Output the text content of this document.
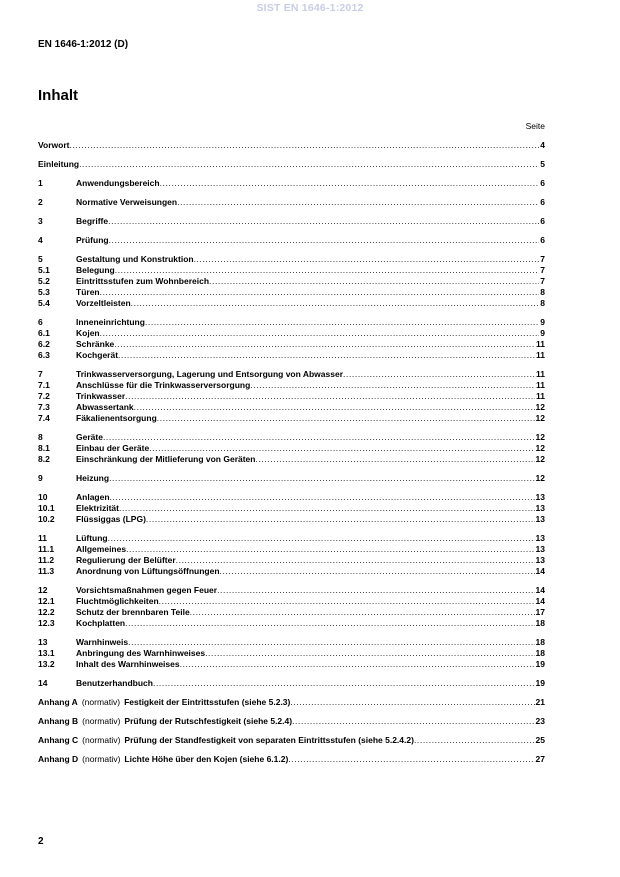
SIST EN 1646-1:2012
EN 1646-1:2012 (D)
Inhalt
Seite
Vorwort .....	4
Einleitung .....	5
1	Anwendungsbereich .....	6
2	Normative Verweisungen .....	6
3	Begriffe .....	6
4	Prüfung .....	6
5	Gestaltung und Konstruktion .....	7
5.1	Belegung .....	7
5.2	Eintrittsstufen zum Wohnbereich .....	7
5.3	Türen .....	8
5.4	Vorzeltleisten .....	8
6	Inneneinrichtung .....	9
6.1	Kojen .....	9
6.2	Schränke .....	11
6.3	Kochgerät .....	11
7	Trinkwasserversorgung, Lagerung und Entsorgung von Abwasser .....	11
7.1	Anschlüsse für die Trinkwasserversorgung .....	11
7.2	Trinkwasser .....	11
7.3	Abwassertank .....	12
7.4	Fäkalienentsorgung .....	12
8	Geräte .....	12
8.1	Einbau der Geräte .....	12
8.2	Einschränkung der Mitlieferung von Geräten .....	12
9	Heizung .....	12
10	Anlagen .....	13
10.1	Elektrizität .....	13
10.2	Flüssiggas (LPG) .....	13
11	Lüftung .....	13
11.1	Allgemeines .....	13
11.2	Regulierung der Belüfter .....	13
11.3	Anordnung von Lüftungsöffnungen .....	14
12	Vorsichtsmaßnahmen gegen Feuer .....	14
12.1	Fluchtmöglichkeiten .....	14
12.2	Schutz der brennbaren Teile .....	17
12.3	Kochplatten .....	18
13	Warnhinweis .....	18
13.1	Anbringung des Warnhinweises .....	18
13.2	Inhalt des Warnhinweises .....	19
14	Benutzerhandbuch .....	19
Anhang A (normativ) Festigkeit der Eintrittsstufen (siehe 5.2.3) .....	21
Anhang B (normativ) Prüfung der Rutschfestigkeit (siehe 5.2.4) .....	23
Anhang C (normativ) Prüfung der Standfestigkeit von separaten Eintrittsstufen (siehe 5.2.4.2) .....	25
Anhang D (normativ) Lichte Höhe über den Kojen (siehe 6.1.2) .....	27
2
